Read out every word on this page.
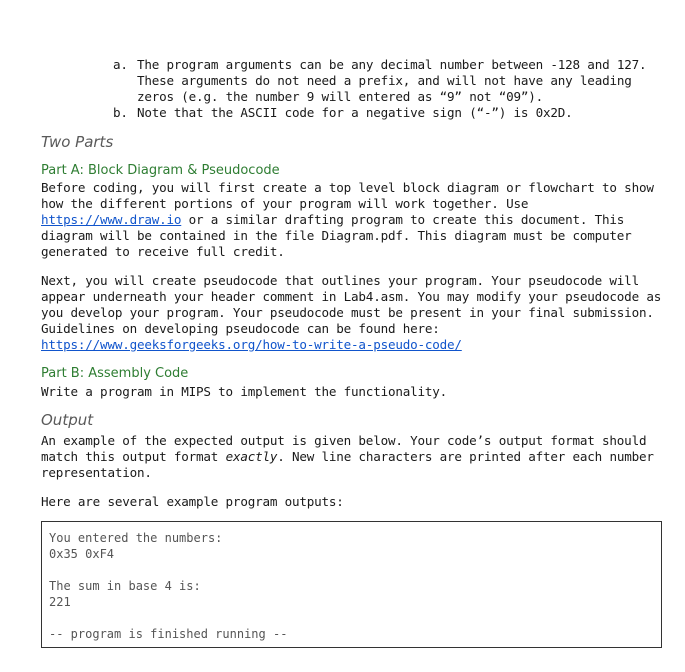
a. The program arguments can be any decimal number between -128 and 127. These arguments do not need a prefix, and will not have any leading zeros (e.g. the number 9 will entered as “9” not “09”).
b. Note that the ASCII code for a negative sign (“-”) is 0x2D.
Two Parts
Part A: Block Diagram & Pseudocode

Before coding, you will first create a top level block diagram or flowchart to show how the different portions of your program will work together. Use https://www.draw.io or a similar drafting program to create this document. This diagram will be contained in the file Diagram.pdf. This diagram must be computer generated to receive full credit.

Next, you will create pseudocode that outlines your program. Your pseudocode will appear underneath your header comment in Lab4.asm. You may modify your pseudocode as you develop your program. Your pseudocode must be present in your final submission. Guidelines on developing pseudocode can be found here: https://www.geeksforgeeks.org/how-to-write-a-pseudo-code/

Part B: Assembly Code

Write a program in MIPS to implement the functionality.

Output

An example of the expected output is given below. Your code’s output format should match this output format exactly. New line characters are printed after each number representation.

Here are several example program outputs:

You entered the numbers:
0x35 0xF4
The sum in base 4 is:
221
-- program is finished running --
